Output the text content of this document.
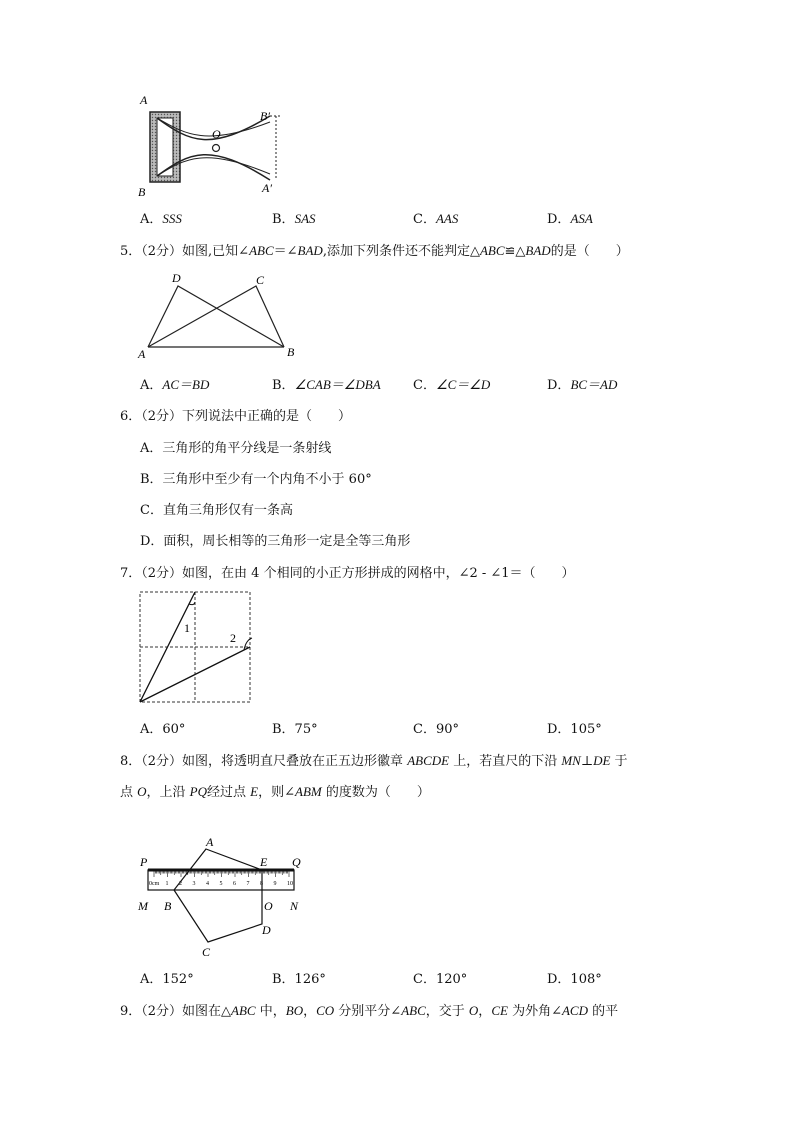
A
B
O
B′
A′
A．SSS	B．SAS	C．AAS	D．ASA
5．（2分）如图,已知∠ABC＝∠BAD,添加下列条件还不能判定△ABC≌△BAD的是（　　）
D	C
A	B
A．AC＝BD	B．∠CAB＝∠DBA C．∠C＝∠D	D．BC＝AD
6．（2分）下列说法中正确的是（　　）
A．三角形的角平分线是一条射线
B．三角形中至少有一个内角不小于 60°
C．直角三角形仅有一条高
D．面积，周长相等的三角形一定是全等三角形
7．（2分）如图，在由 4 个相同的小正方形拼成的网格中，∠2 - ∠1＝（　　）
1
2
A．60°	B．75°	C．90°	D．105°
8．（2分）如图，将透明直尺叠放在正五边形徽章 ABCDE 上，若直尺的下沿 MN⊥DE 于
点 O，上沿 PQ经过点 E，则∠ABM 的度数为（　　）
0cm 1 2 3 4 5 6 7 8 9 10
P
A
E Q
M B	O N
C
D
A．152°	B．126°	C．120°	D．108°
9．（2分）如图在△ABC 中，BO，CO 分别平分∠ABC，交于 O，CE 为外角∠ACD 的平
